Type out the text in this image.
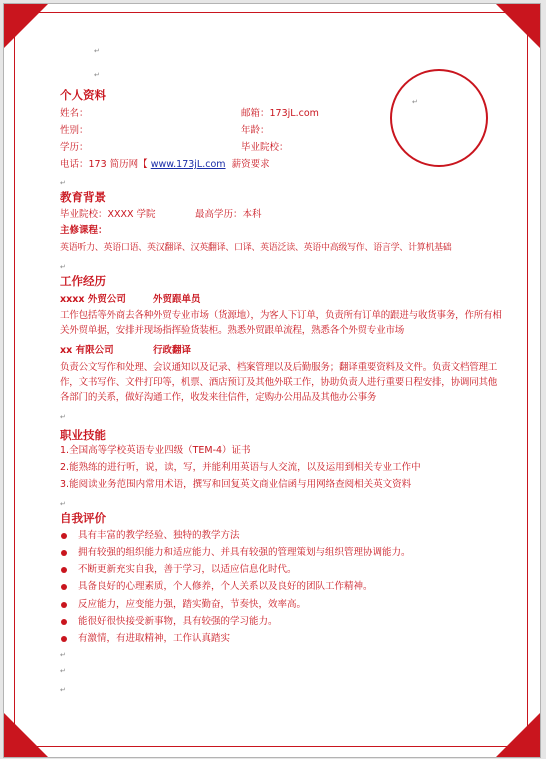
↵
↵
↵
↵
↵
↵
↵
↵
↵
↵
个人资料
姓名：	邮箱：173jL.com
性别：	年龄：
学历：	毕业院校：
电话：173 简历网【 www.173jL.com 薪资要求
教育背景
毕业院校：XXXX 学院	最高学历：本科
主修课程：
英语听力、英语口语、英汉翻译、汉英翻译、口译、英语泛读、英语中高级写作、语言学、计算机基础
工作经历
xxxx 外贸公司	外贸跟单员
工作包括等外商去各种外贸专业市场（货源地），为客人下订单，负责所有订单的跟进与收货事务，作所有相关外贸单据，安排并现场指挥验货装柜。熟悉外贸跟单流程，熟悉各个外贸专业市场
xx 有限公司	行政翻译
负责公文写作和处理、会议通知以及记录、档案管理以及后勤服务；翻译重要资料及文件。负责文档管理工作，文书写作、文件打印等，机票、酒店预订及其他外联工作，协助负责人进行重要日程安排，协调同其他各部门的关系，做好沟通工作，收发来往信件，定购办公用品及其他办公事务
职业技能
1.全国高等学校英语专业四级（TEM-4）证书
2.能熟练的进行听，说，读，写，并能利用英语与人交流，以及运用到相关专业工作中
3.能阅读业务范围内常用术语，撰写和回复英文商业信函与用网络查阅相关英文资料
自我评价
具有丰富的教学经验、独特的教学方法
拥有较强的组织能力和适应能力、并具有较强的管理策划与组织管理协调能力。
不断更新充实自我，善于学习，以适应信息化时代。
具备良好的心理素质，个人修养，个人关系以及良好的团队工作精神。
反应能力，应变能力强，踏实勤奋，节奏快，效率高。
能很好很快接受新事物，具有较强的学习能力。
有激情，有进取精神，工作认真踏实
